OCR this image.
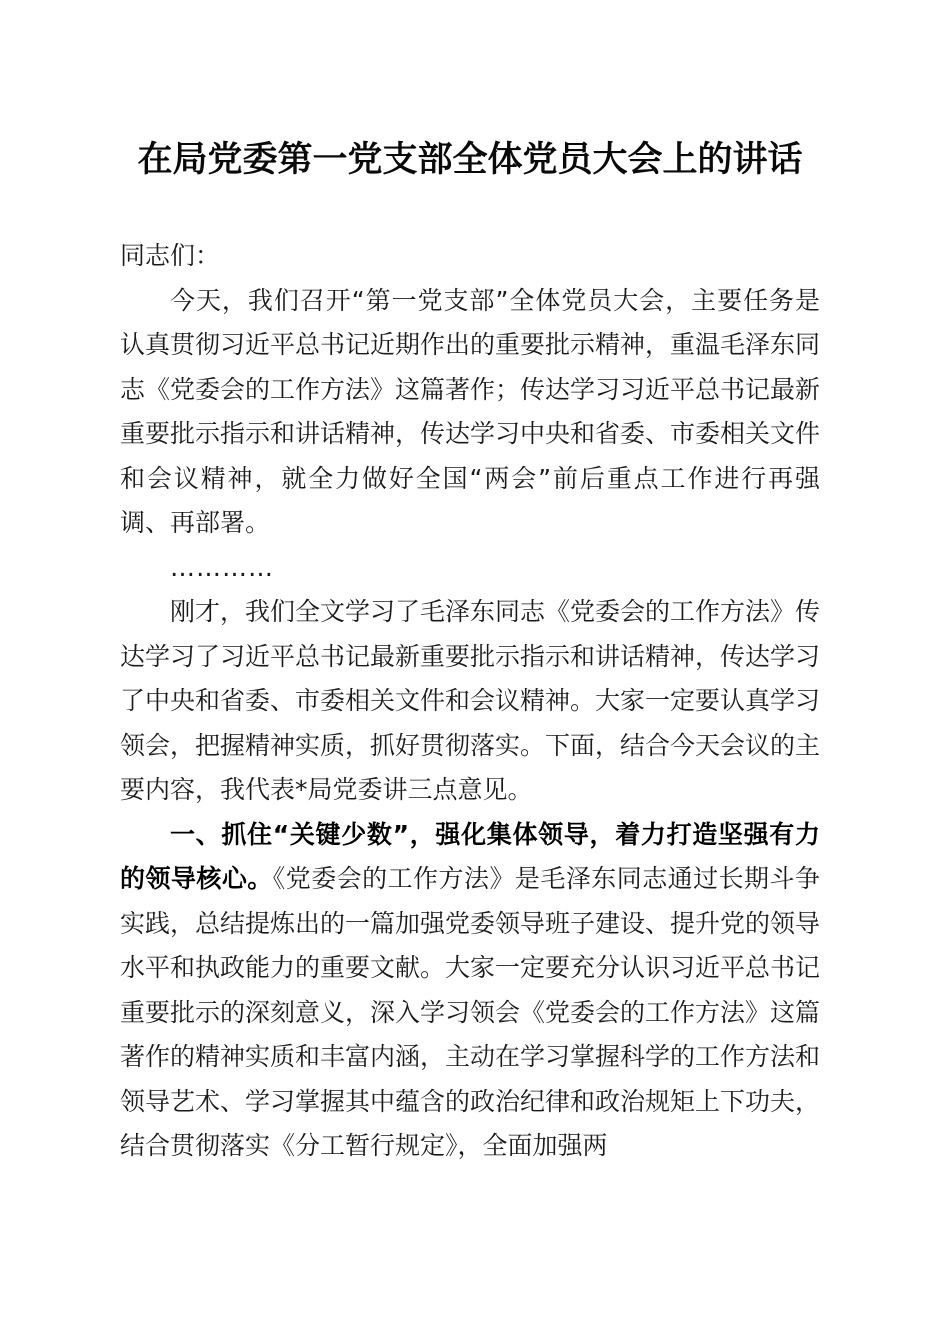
在局党委第一党支部全体党员大会上的讲话

同志们：

今天，我们召开“第一党支部”全体党员大会，主要任务是认真贯彻习近平总书记近期作出的重要批示精神，重温毛泽东同志《党委会的工作方法》这篇著作；传达学习习近平总书记最新重要批示指示和讲话精神，传达学习中央和省委、市委相关文件和会议精神，就全力做好全国“两会”前后重点工作进行再强调、再部署。

…………

刚才，我们全文学习了毛泽东同志《党委会的工作方法》传达学习了习近平总书记最新重要批示指示和讲话精神，传达学习了中央和省委、市委相关文件和会议精神。大家一定要认真学习领会，把握精神实质，抓好贯彻落实。下面，结合今天会议的主要内容，我代表*局党委讲三点意见。

一、抓住“关键少数”，强化集体领导，着力打造坚强有力的领导核心。《党委会的工作方法》是毛泽东同志通过长期斗争实践，总结提炼出的一篇加强党委领导班子建设、提升党的领导水平和执政能力的重要文献。大家一定要充分认识习近平总书记重要批示的深刻意义，深入学习领会《党委会的工作方法》这篇著作的精神实质和丰富内涵，主动在学习掌握科学的工作方法和领导艺术、学习掌握其中蕴含的政治纪律和政治规矩上下功夫，结合贯彻落实《分工暂行规定》，全面加强两
